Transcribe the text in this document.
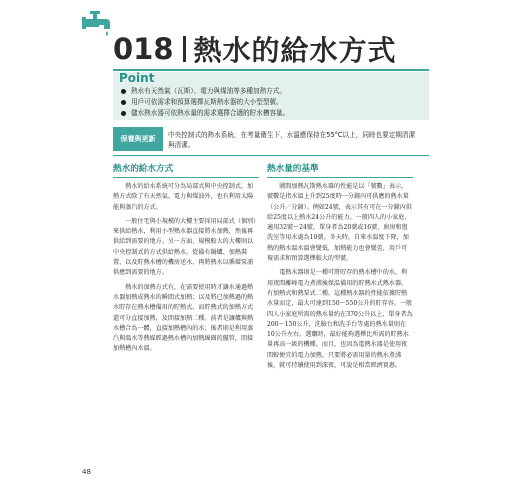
018 熱水的給水方式
Point
熱水有天然氣（瓦斯）、電力與煤油等多種加熱方式。
用戶可依需求和預算選擇瓦斯熱水器的大小型型號。
儲水熱水器可依熱水量的需求選擇合適的貯水槽容量。
保養與更新	中央控制式的熱水系統，在考量衛生下，水溫應保持在55°C以上，同時也要定期清潔與清潔。
熱水的給水方式

熱水的給水系統可分為局部式與中央控制式。加熱方式除了有天然氣、電力與煤油外，也有利用太陽能與蒸汽的方式。

一般住宅與小規模的大樓主要採用局部式（個別）來供給熱水，利用小型熱水器直接將水加熱，然後再供給到需要的地方。另一方面，規模較大的大樓則以中央控制式的方式供給熱水，從備有鍋爐、加熱裝置，以及貯熱水槽的機房送水，再將熱水以循環泵浦供應到需要的地方。

熱水的加熱方式有，在需要使用時才讓水通過熱水器加熱成熱水的瞬間式加熱；以及將已加熱過的熱水貯存在熱水槽備用的貯熱式。而貯熱式的加熱方式還可分直接加熱，及間接加熱二種。前者是讓爐與熱水槽合為一體，直接加熱槽內的水；後者則是利用蒸汽與溫水等熱媒經過熱水槽內加熱線圈的盤管，間接加熱槽內水溫。

熱水量的基準

圖間加熱瓦斯熱水器的性能是以「號數」表示，號數是指水溫上升到25度時一分鐘內可供應的熱水量（公升／分鐘）。例如24號，表示其有可在一分鐘內供給25度以上熱水24公升的能力。一般四人的小家庭，適用32號～24號，單身者為20號或16號，廚房和盥洗室等用水處為10號。冬天時，自來水溫度下降，加熱的熱水溫水溫會變低，加熱能力也會變差，用戶可視需求和預算選擇較大的型號。

電熱水器則是一種可將貯存的熱水槽中的水，利用夜間離峰電力煮沸後保温備用的貯熱水式熱水器，有加熱式和熱泵式二種。這種熱水器的性能依據貯熱水量而定，最大可達到150～550公升的貯存容。一般四人小家庭所需的熱水量約在370公升以上，單身者為200～150公升，洗臉台和洗手台等處的熱水量則在10公升左右。選購時，最好能夠選擇比所需的貯熱水量再高一級的機種。而且，也因為電熱水器是使用夜間較便宜的電力加熱，只要將必需用量的熱水煮沸後，就可持續使用到深夜，可說是相當經濟實惠。

48
